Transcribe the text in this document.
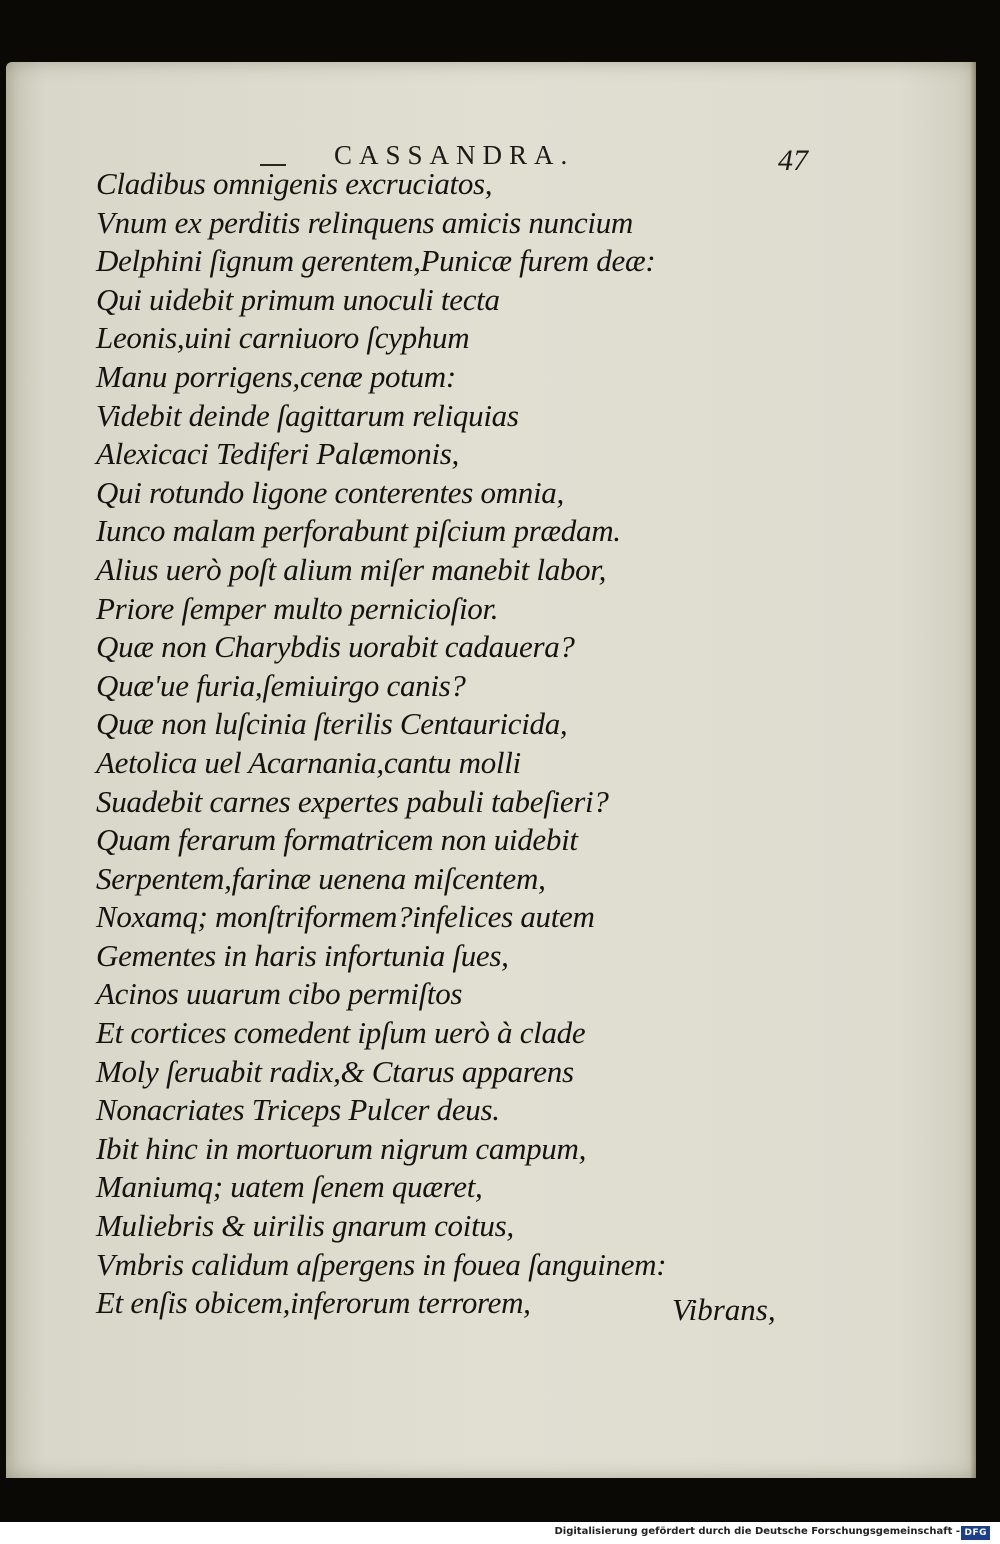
CASSANDRA.	47
Cladibus omnigenis excruciatos,
Vnum ex perditis relinquens amicis nuncium
Delphini ſignum gerentem,Punicæ furem deæ:
Qui uidebit primum unoculi tecta
Leonis,uini carniuoro ſcyphum
Manu porrigens,cenæ potum:
Videbit deinde ſagittarum reliquias
Alexicaci Tediferi Palæmonis,
Qui rotundo ligone conterentes omnia,
Iunco malam perforabunt piſcium prædam.
Alius uerò poſt alium miſer manebit labor,
Priore ſemper multo pernicioſior.
Quæ non Charybdis uorabit cadauera?
Quæ'ue furia,ſemiuirgo canis?
Quæ non luſcinia ſterilis Centauricida,
Aetolica uel Acarnania,cantu molli
Suadebit carnes expertes pabuli tabeſieri?
Quam ferarum formatricem non uidebit
Serpentem,farinæ uenena miſcentem,
Noxamq; monſtriformem?infelices autem
Gementes in haris infortunia ſues,
Acinos uuarum cibo permiſtos
Et cortices comedent ipſum uerò à clade
Moly ſeruabit radix,& Ctarus apparens
Nonacriates Triceps Pulcer deus.
Ibit hinc in mortuorum nigrum campum,
Maniumq; uatem ſenem quæret,
Muliebris & uirilis gnarum coitus,
Vmbris calidum aſpergens in fouea ſanguinem:
Et enſis obicem,inferorum terrorem,	Vibrans,
Digitalisierung gefördert durch die Deutsche Forschungsgemeinschaft - DFG
